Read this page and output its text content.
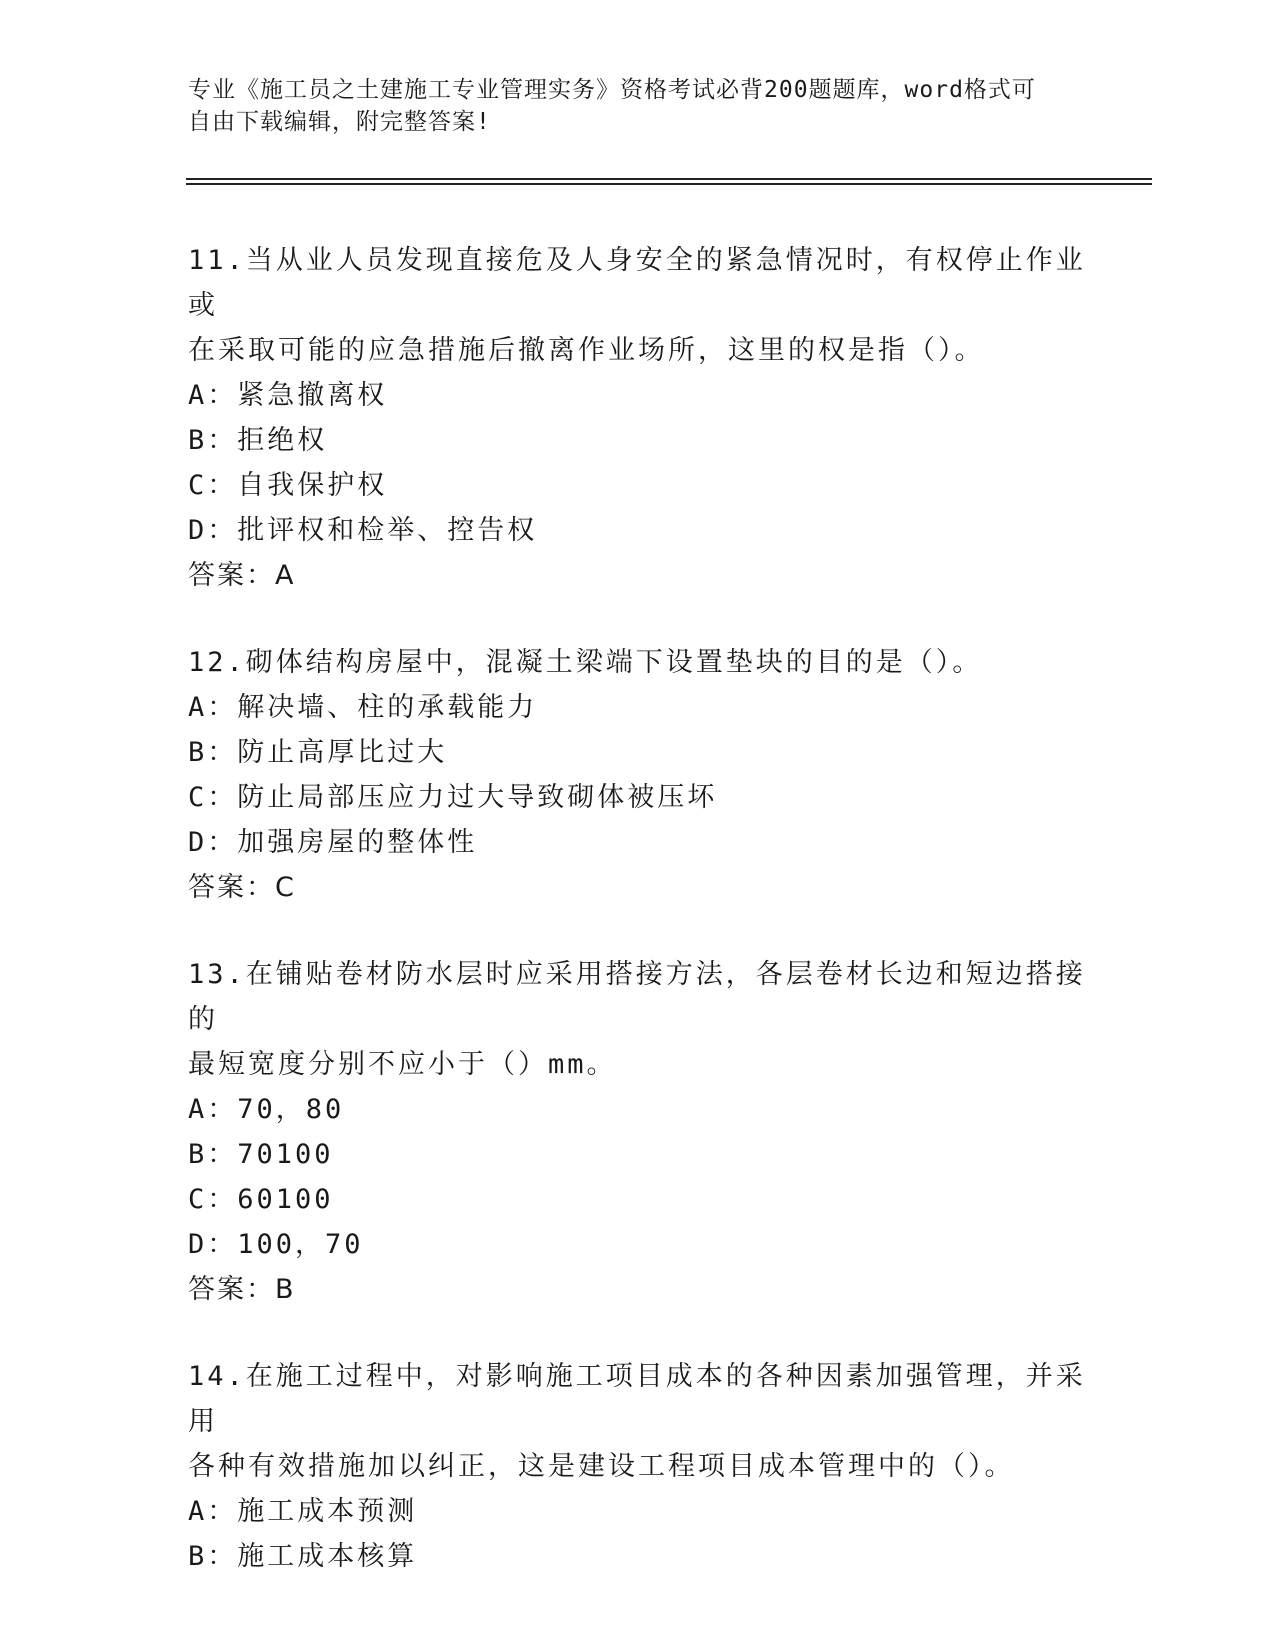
专业《施工员之土建施工专业管理实务》资格考试必背200题题库，word格式可
自由下载编辑，附完整答案!
11.当从业人员发现直接危及人身安全的紧急情况时，有权停止作业或
在采取可能的应急措施后撤离作业场所，这里的权是指（）。
A：紧急撤离权
B：拒绝权
C：自我保护权
D：批评权和检举、控告权
答案：A
12.砌体结构房屋中，混凝土梁端下设置垫块的目的是（）。
A：解决墙、柱的承载能力
B：防止高厚比过大
C：防止局部压应力过大导致砌体被压坏
D：加强房屋的整体性
答案：C
13.在铺贴卷材防水层时应采用搭接方法，各层卷材长边和短边搭接的
最短宽度分别不应小于（）mm。
A：70，80
B：70100
C：60100
D：100，70
答案：B
14.在施工过程中，对影响施工项目成本的各种因素加强管理，并采用
各种有效措施加以纠正，这是建设工程项目成本管理中的（）。
A：施工成本预测
B：施工成本核算
